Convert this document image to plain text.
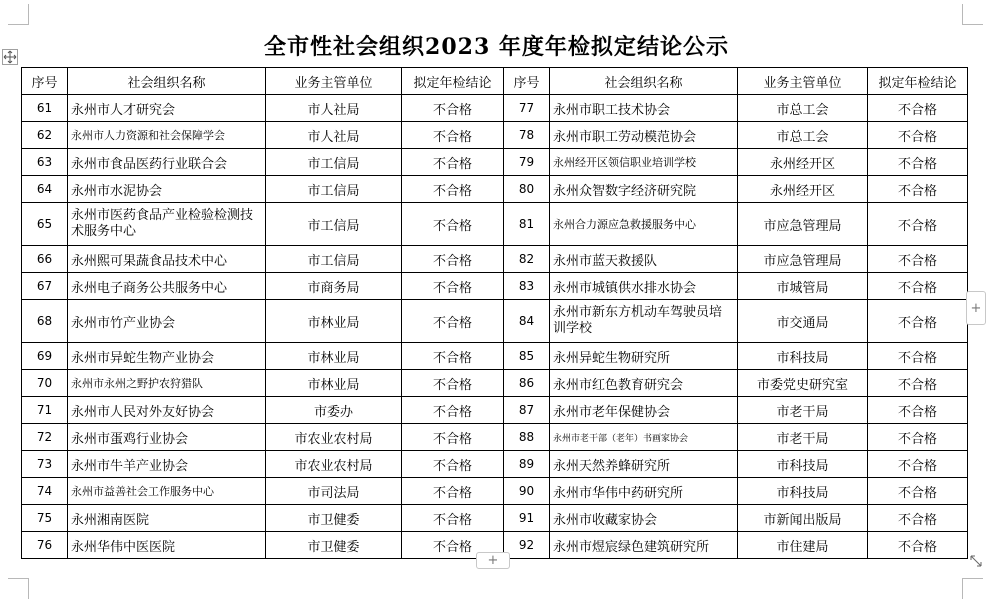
全市性社会组织2023 年度年检拟定结论公示
序号	社会组织名称	业务主管单位	拟定年检结论	序号	社会组织名称	业务主管单位	拟定年检结论
61	永州市人才研究会	市人社局	不合格	77	永州市职工技术协会	市总工会	不合格
62	永州市人力资源和社会保障学会	市人社局	不合格	78	永州市职工劳动模范协会	市总工会	不合格
63	永州市食品医药行业联合会	市工信局	不合格	79	永州经开区领信职业培训学校	永州经开区	不合格
64	永州市水泥协会	市工信局	不合格	80	永州众智数字经济研究院	永州经开区	不合格
65	永州市医药食品产业检验检测技术服务中心	市工信局	不合格	81	永州合力源应急救援服务中心	市应急管理局	不合格
66	永州熙可果蔬食品技术中心	市工信局	不合格	82	永州市蓝天救援队	市应急管理局	不合格
67	永州电子商务公共服务中心	市商务局	不合格	83	永州市城镇供水排水协会	市城管局	不合格
68	永州市竹产业协会	市林业局	不合格	84	永州市新东方机动车驾驶员培训学校	市交通局	不合格
69	永州市异蛇生物产业协会	市林业局	不合格	85	永州异蛇生物研究所	市科技局	不合格
70	永州市永州之野护农狩猎队	市林业局	不合格	86	永州市红色教育研究会	市委党史研究室	不合格
71	永州市人民对外友好协会	市委办	不合格	87	永州市老年保健协会	市老干局	不合格
72	永州市蛋鸡行业协会	市农业农村局	不合格	88	永州市老干部（老年）书画家协会	市老干局	不合格
73	永州市牛羊产业协会	市农业农村局	不合格	89	永州天然养蜂研究所	市科技局	不合格
74	永州市益善社会工作服务中心	市司法局	不合格	90	永州市华伟中药研究所	市科技局	不合格
75	永州湘南医院	市卫健委	不合格	91	永州市收藏家协会	市新闻出版局	不合格
76	永州华伟中医医院	市卫健委	不合格	92	永州市煜宸绿色建筑研究所	市住建局	不合格
+
+
